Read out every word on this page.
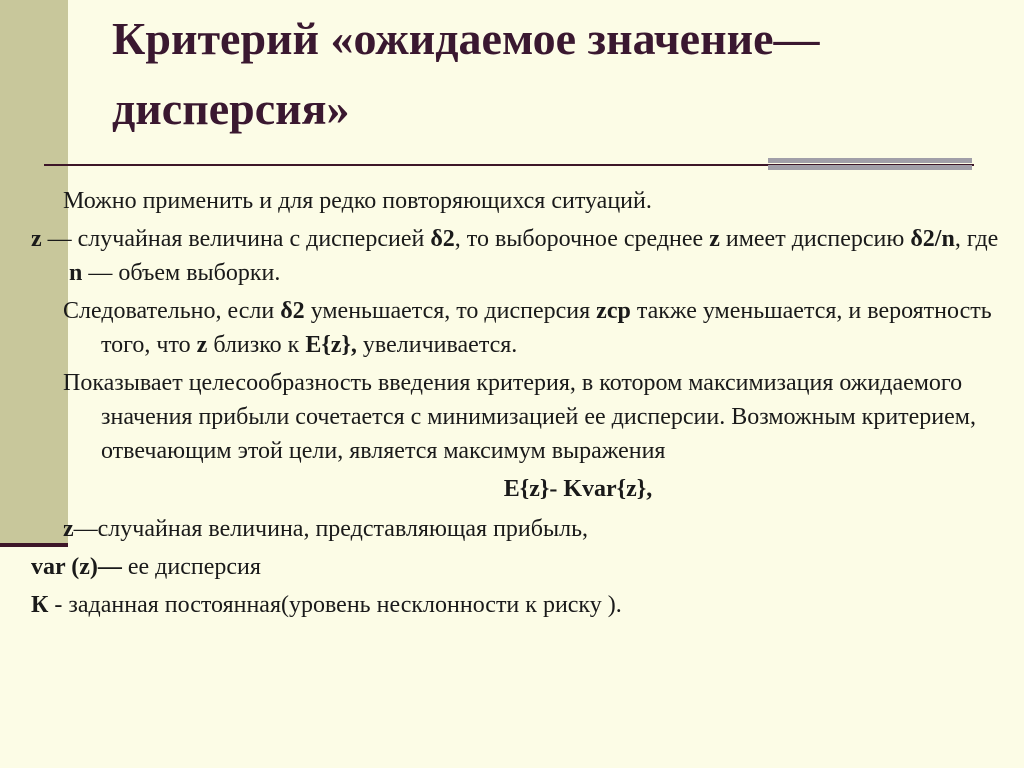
Критерий «ожидаемое значение—
дисперсия»

Можно применить и для редко повторяющихся ситуаций.

z — случайная величина с дисперсией δ2, то выборочное среднее z имеет дисперсию δ2/n, где n — объем выборки.

Следовательно, если δ2 уменьшается, то дисперсия zср также уменьшается, и вероятность того, что z близко к E{z}, увеличивается.

Показывает целесообразность введения критерия, в котором максимизация ожидаемого значения прибыли сочетается с минимизацией ее дисперсии. Возможным критерием, отвечающим этой цели, является максимум выражения

E{z}- Kvar{z},

z—случайная величина, представляющая прибыль,

var (z)— ее дисперсия

К - заданная постоянная(уровень несклонности к риску ).
